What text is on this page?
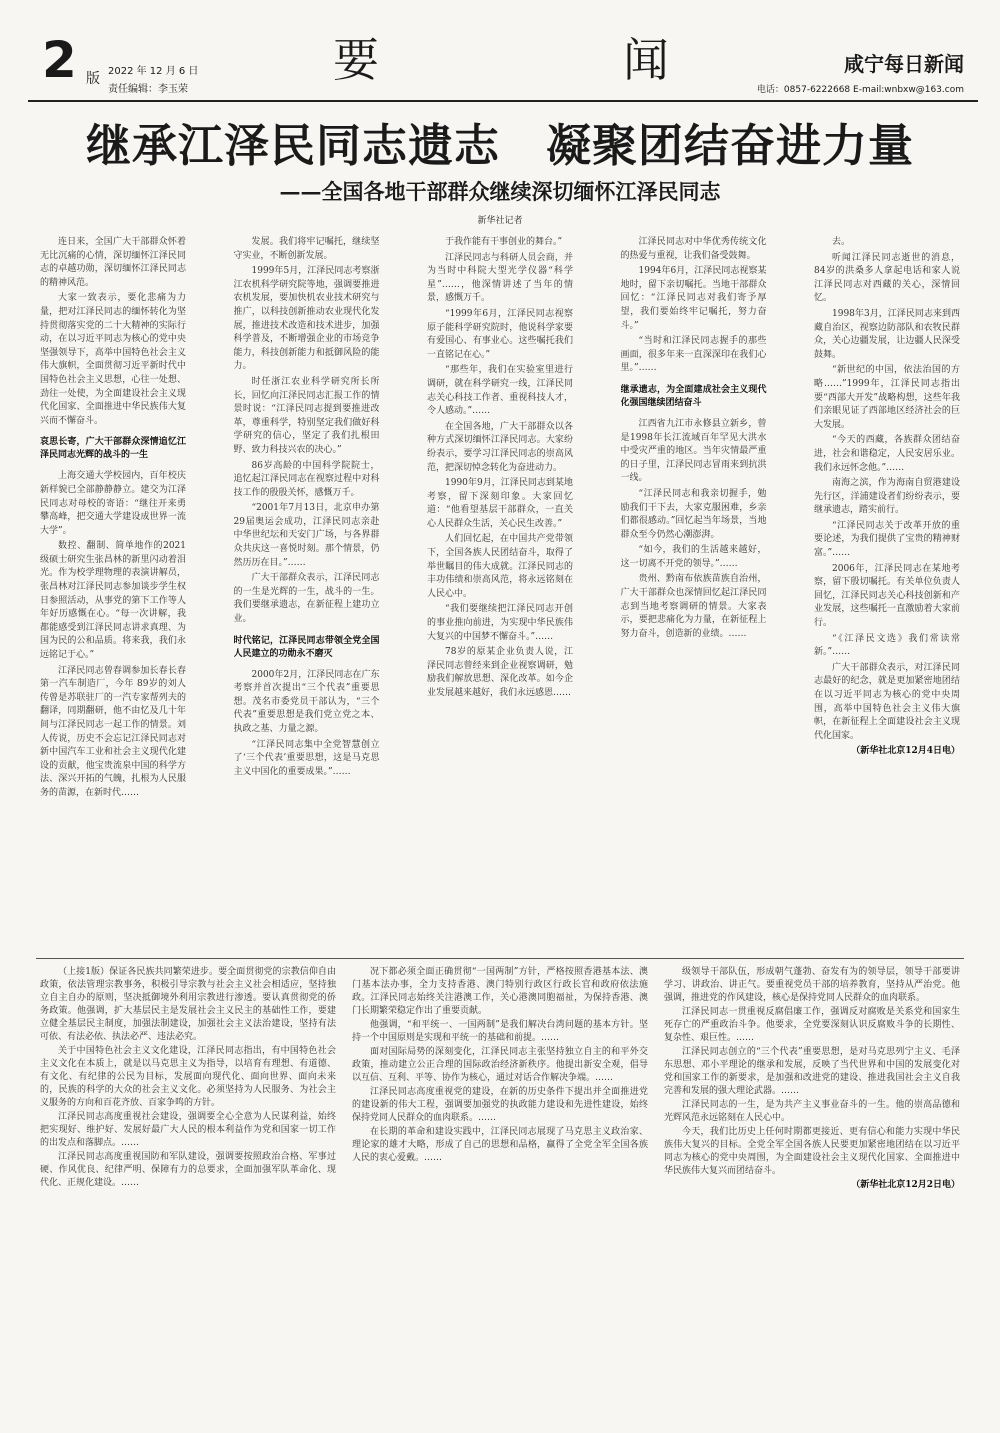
2 版 2022 年 12 月 6 日
责任编辑：李玉荣
要	闻	咸宁每日新闻
电话：0857-6222668 E-mail:wnbxw@163.com
继承江泽民同志遗志　凝聚团结奋进力量
——全国各地干部群众继续深切缅怀江泽民同志
新华社记者

连日来，全国广大干部群众怀着无比沉痛的心情，深切缅怀江泽民同志的卓越功勋，深切缅怀江泽民同志的精神风范。

大家一致表示，要化悲痛为力量，把对江泽民同志的缅怀转化为坚持贯彻落实党的二十大精神的实际行动，在以习近平同志为核心的党中央坚强领导下，高举中国特色社会主义伟大旗帜，全面贯彻习近平新时代中国特色社会主义思想，心往一处想、劲往一处使，为全面建设社会主义现代化国家、全面推进中华民族伟大复兴而不懈奋斗。

哀思长寄，广大干部群众深情追忆江泽民同志光辉的战斗的一生

上海交通大学校园内，百年校庆新样貌已全部静静静立。建交为江泽民同志对母校的寄语：“继往开来勇攀高峰，把交通大学建设成世界一流大学”。

数控、翻制、简单地作的2021级硕士研究生张昌林的新里闪动着泪光。作为校学理物理的表演讲解员，张昌林对江泽民同志参加谈步学生权日参照活动，从事党的第下工作等人年好历感慨在心。“每一次讲解，我都能感受到江泽民同志讲求真理、为国为民的公和品质。将来我，我们永远铭记于心。”

江泽民同志曾春调参加长春长春第一汽车制造厂，今年 89岁的刘人传曾是苏联驻厂的一汽专家帮列夫的翻译，同期翻研，他不由忆及几十年间与江泽民同志一起工作的情景。刘人传说，历史不会忘记江泽民同志对新中国汽车工业和社会主义现代化建设的贡献，他宝贵流泉中国的科学方法、深兴开拓的气魄，扎根为人民服务的苗源，在新时代……

发展。我们将牢记嘱托，继续坚守实业，不断创新发展。

1999年5月，江泽民同志考察浙江农机科学研究院等地，强调要推进农机发展，要加快机农业技术研究与推广，以科技创新推动农业现代化发展，推进技术改造和技术进步，加强科学普及，不断增强企业的市场竞争能力，科技创新能力和抵御风险的能力。

时任浙江农业科学研究所长所长，回忆向江泽民同志汇报工作的情景时说：“江泽民同志提到要推进改革，尊重科学，特别坚定我们做好科学研究的信心，坚定了我们扎根田野、致力科技兴农的决心。”

86岁高龄的中国科学院院士，追忆起江泽民同志在视察过程中对科技工作的殷殷关怀，感慨万千。

“2001年7月13日，北京申办第29届奥运会成功，江泽民同志亲赴中华世纪坛和天安门广场，与各界群众共庆这一喜悦时刻。那个情景，仍然历历在目。”……

广大干部群众表示，江泽民同志的一生是光辉的一生，战斗的一生。我们要继承遗志，在新征程上建功立业。

时代铭记，江泽民同志带领全党全国人民建立的功勋永不磨灭

2000年2月，江泽民同志在广东考察并首次提出“三个代表”重要思想。茂名市委党员干部认为，“三个代表”重要思想是我们党立党之本、执政之基、力量之源。

“江泽民同志集中全党智慧创立了‘三个代表’重要思想，这是马克思主义中国化的重要成果。”……

于我作能有干事创业的舞台。”

江泽民同志与科研人员会商，并为当时中科院大型光学仪器“科学星”……，他深情讲述了当年的情景，感慨万千。

“1999年6月，江泽民同志视察原子能科学研究院时，他说科学家要有爱国心、有事业心。这些嘱托我们一直铭记在心。”

“那些年，我们在实验室里进行调研，就在科学研究一线，江泽民同志关心科技工作者、重视科技人才，令人感动。”……

在全国各地，广大干部群众以各种方式深切缅怀江泽民同志。大家纷纷表示，要学习江泽民同志的崇高风范，把深切悼念转化为奋进动力。

1990年9月，江泽民同志到某地考察，留下深刻印象。大家回忆道：“他看望基层干部群众，一直关心人民群众生活，关心民生改善。”

人们回忆起，在中国共产党带领下，全国各族人民团结奋斗，取得了举世瞩目的伟大成就。江泽民同志的丰功伟绩和崇高风范，将永远铭刻在人民心中。

“我们要继续把江泽民同志开创的事业推向前进，为实现中华民族伟大复兴的中国梦不懈奋斗。”……

78岁的原某企业负责人说，江泽民同志曾经来到企业视察调研，勉励我们解放思想、深化改革。如今企业发展越来越好，我们永远感恩……

江泽民同志对中华优秀传统文化的热爱与重视，让我们备受鼓舞。

1994年6月，江泽民同志视察某地时，留下亲切嘱托。当地干部群众回忆：“江泽民同志对我们寄予厚望，我们要始终牢记嘱托，努力奋斗。”

“当时和江泽民同志握手的那些画面，很多年来一直深深印在我们心里。”……

继承遗志，为全面建成社会主义现代化强国继续团结奋斗

江西省九江市永修县立新乡，曾是1998年长江流域百年罕见大洪水中受灾严重的地区。当年灾情最严重的日子里，江泽民同志冒雨来到抗洪一线。

“江泽民同志和我亲切握手，勉励我们干下去，大家克服困难，乡亲们都很感动。”回忆起当年场景，当地群众至今仍然心潮澎湃。

“如今，我们的生活越来越好，这一切离不开党的领导。”……

贵州、黔南布依族苗族自治州，广大干部群众也深情回忆起江泽民同志到当地考察调研的情景。大家表示，要把悲痛化为力量，在新征程上努力奋斗，创造新的业绩。……

去。

听闻江泽民同志逝世的消息，84岁的洪桑多人拿起电话和家人说江泽民同志对西藏的关心，深情回忆。

1998年3月，江泽民同志来到西藏自治区，视察边防部队和农牧民群众，关心边疆发展，让边疆人民深受鼓舞。

“新世纪的中国，依法治国的方略……”1999年，江泽民同志指出要“西部大开发”战略构想，这些年我们亲眼见证了西部地区经济社会的巨大发展。

“今天的西藏，各族群众团结奋进，社会和谐稳定，人民安居乐业。我们永远怀念他。”……

南海之滨，作为海南自贸港建设先行区，洋浦建设者们纷纷表示，要继承遗志，踏实前行。

“江泽民同志关于改革开放的重要论述，为我们提供了宝贵的精神财富。”……

2006年，江泽民同志在某地考察，留下殷切嘱托。有关单位负责人回忆，江泽民同志关心科技创新和产业发展，这些嘱托一直激励着大家前行。

“《江泽民文选》我们常读常新。”……

广大干部群众表示，对江泽民同志最好的纪念，就是更加紧密地团结在以习近平同志为核心的党中央周围，高举中国特色社会主义伟大旗帜，在新征程上全面建设社会主义现代化国家。

（新华社北京12月4日电）

（上接1版）保证各民族共同繁荣进步。要全面贯彻党的宗教信仰自由政策，依法管理宗教事务，积极引导宗教与社会主义社会相适应，坚持独立自主自办的原则，坚决抵御境外利用宗教进行渗透。要认真贯彻党的侨务政策。他强调，扩大基层民主是发展社会主义民主的基础性工作，要建立健全基层民主制度，加强法制建设，加强社会主义法治建设，坚持有法可依、有法必依、执法必严、违法必究。

关于中国特色社会主义文化建设，江泽民同志指出，有中国特色社会主义文化在本质上，就是以马克思主义为指导，以培育有理想、有道德、有文化、有纪律的公民为目标，发展面向现代化、面向世界、面向未来的，民族的科学的大众的社会主义文化。必须坚持为人民服务、为社会主义服务的方向和百花齐放、百家争鸣的方针。

江泽民同志高度重视社会建设，强调要全心全意为人民谋利益，始终把实现好、维护好、发展好最广大人民的根本利益作为党和国家一切工作的出发点和落脚点。……

江泽民同志高度重视国防和军队建设，强调要按照政治合格、军事过硬、作风优良、纪律严明、保障有力的总要求，全面加强军队革命化、现代化、正规化建设。……

况下都必须全面正确贯彻“一国两制”方针，严格按照香港基本法、澳门基本法办事，全力支持香港、澳门特别行政区行政长官和政府依法施政。江泽民同志始终关注港澳工作，关心港澳同胞福祉，为保持香港、澳门长期繁荣稳定作出了重要贡献。

他强调，“和平统一、一国两制”是我们解决台湾问题的基本方针。坚持一个中国原则是实现和平统一的基础和前提。……

面对国际局势的深刻变化，江泽民同志主张坚持独立自主的和平外交政策，推动建立公正合理的国际政治经济新秩序。他提出新安全观，倡导以互信、互利、平等、协作为核心，通过对话合作解决争端。……

江泽民同志高度重视党的建设，在新的历史条件下提出并全面推进党的建设新的伟大工程，强调要加强党的执政能力建设和先进性建设，始终保持党同人民群众的血肉联系。……

在长期的革命和建设实践中，江泽民同志展现了马克思主义政治家、理论家的雄才大略，形成了自己的思想和品格，赢得了全党全军全国各族人民的衷心爱戴。……

级领导干部队伍，形成朝气蓬勃、奋发有为的领导层，领导干部要讲学习、讲政治、讲正气。要重视党员干部的培养教育，坚持从严治党。他强调，推进党的作风建设，核心是保持党同人民群众的血肉联系。

江泽民同志一贯重视反腐倡廉工作，强调反对腐败是关系党和国家生死存亡的严重政治斗争。他要求，全党要深刻认识反腐败斗争的长期性、复杂性、艰巨性。……

江泽民同志创立的“三个代表”重要思想，是对马克思列宁主义、毛泽东思想、邓小平理论的继承和发展，反映了当代世界和中国的发展变化对党和国家工作的新要求，是加强和改进党的建设、推进我国社会主义自我完善和发展的强大理论武器。……

江泽民同志的一生，是为共产主义事业奋斗的一生。他的崇高品德和光辉风范永远铭刻在人民心中。

今天，我们比历史上任何时期都更接近、更有信心和能力实现中华民族伟大复兴的目标。全党全军全国各族人民要更加紧密地团结在以习近平同志为核心的党中央周围，为全面建设社会主义现代化国家、全面推进中华民族伟大复兴而团结奋斗。

（新华社北京12月2日电）
